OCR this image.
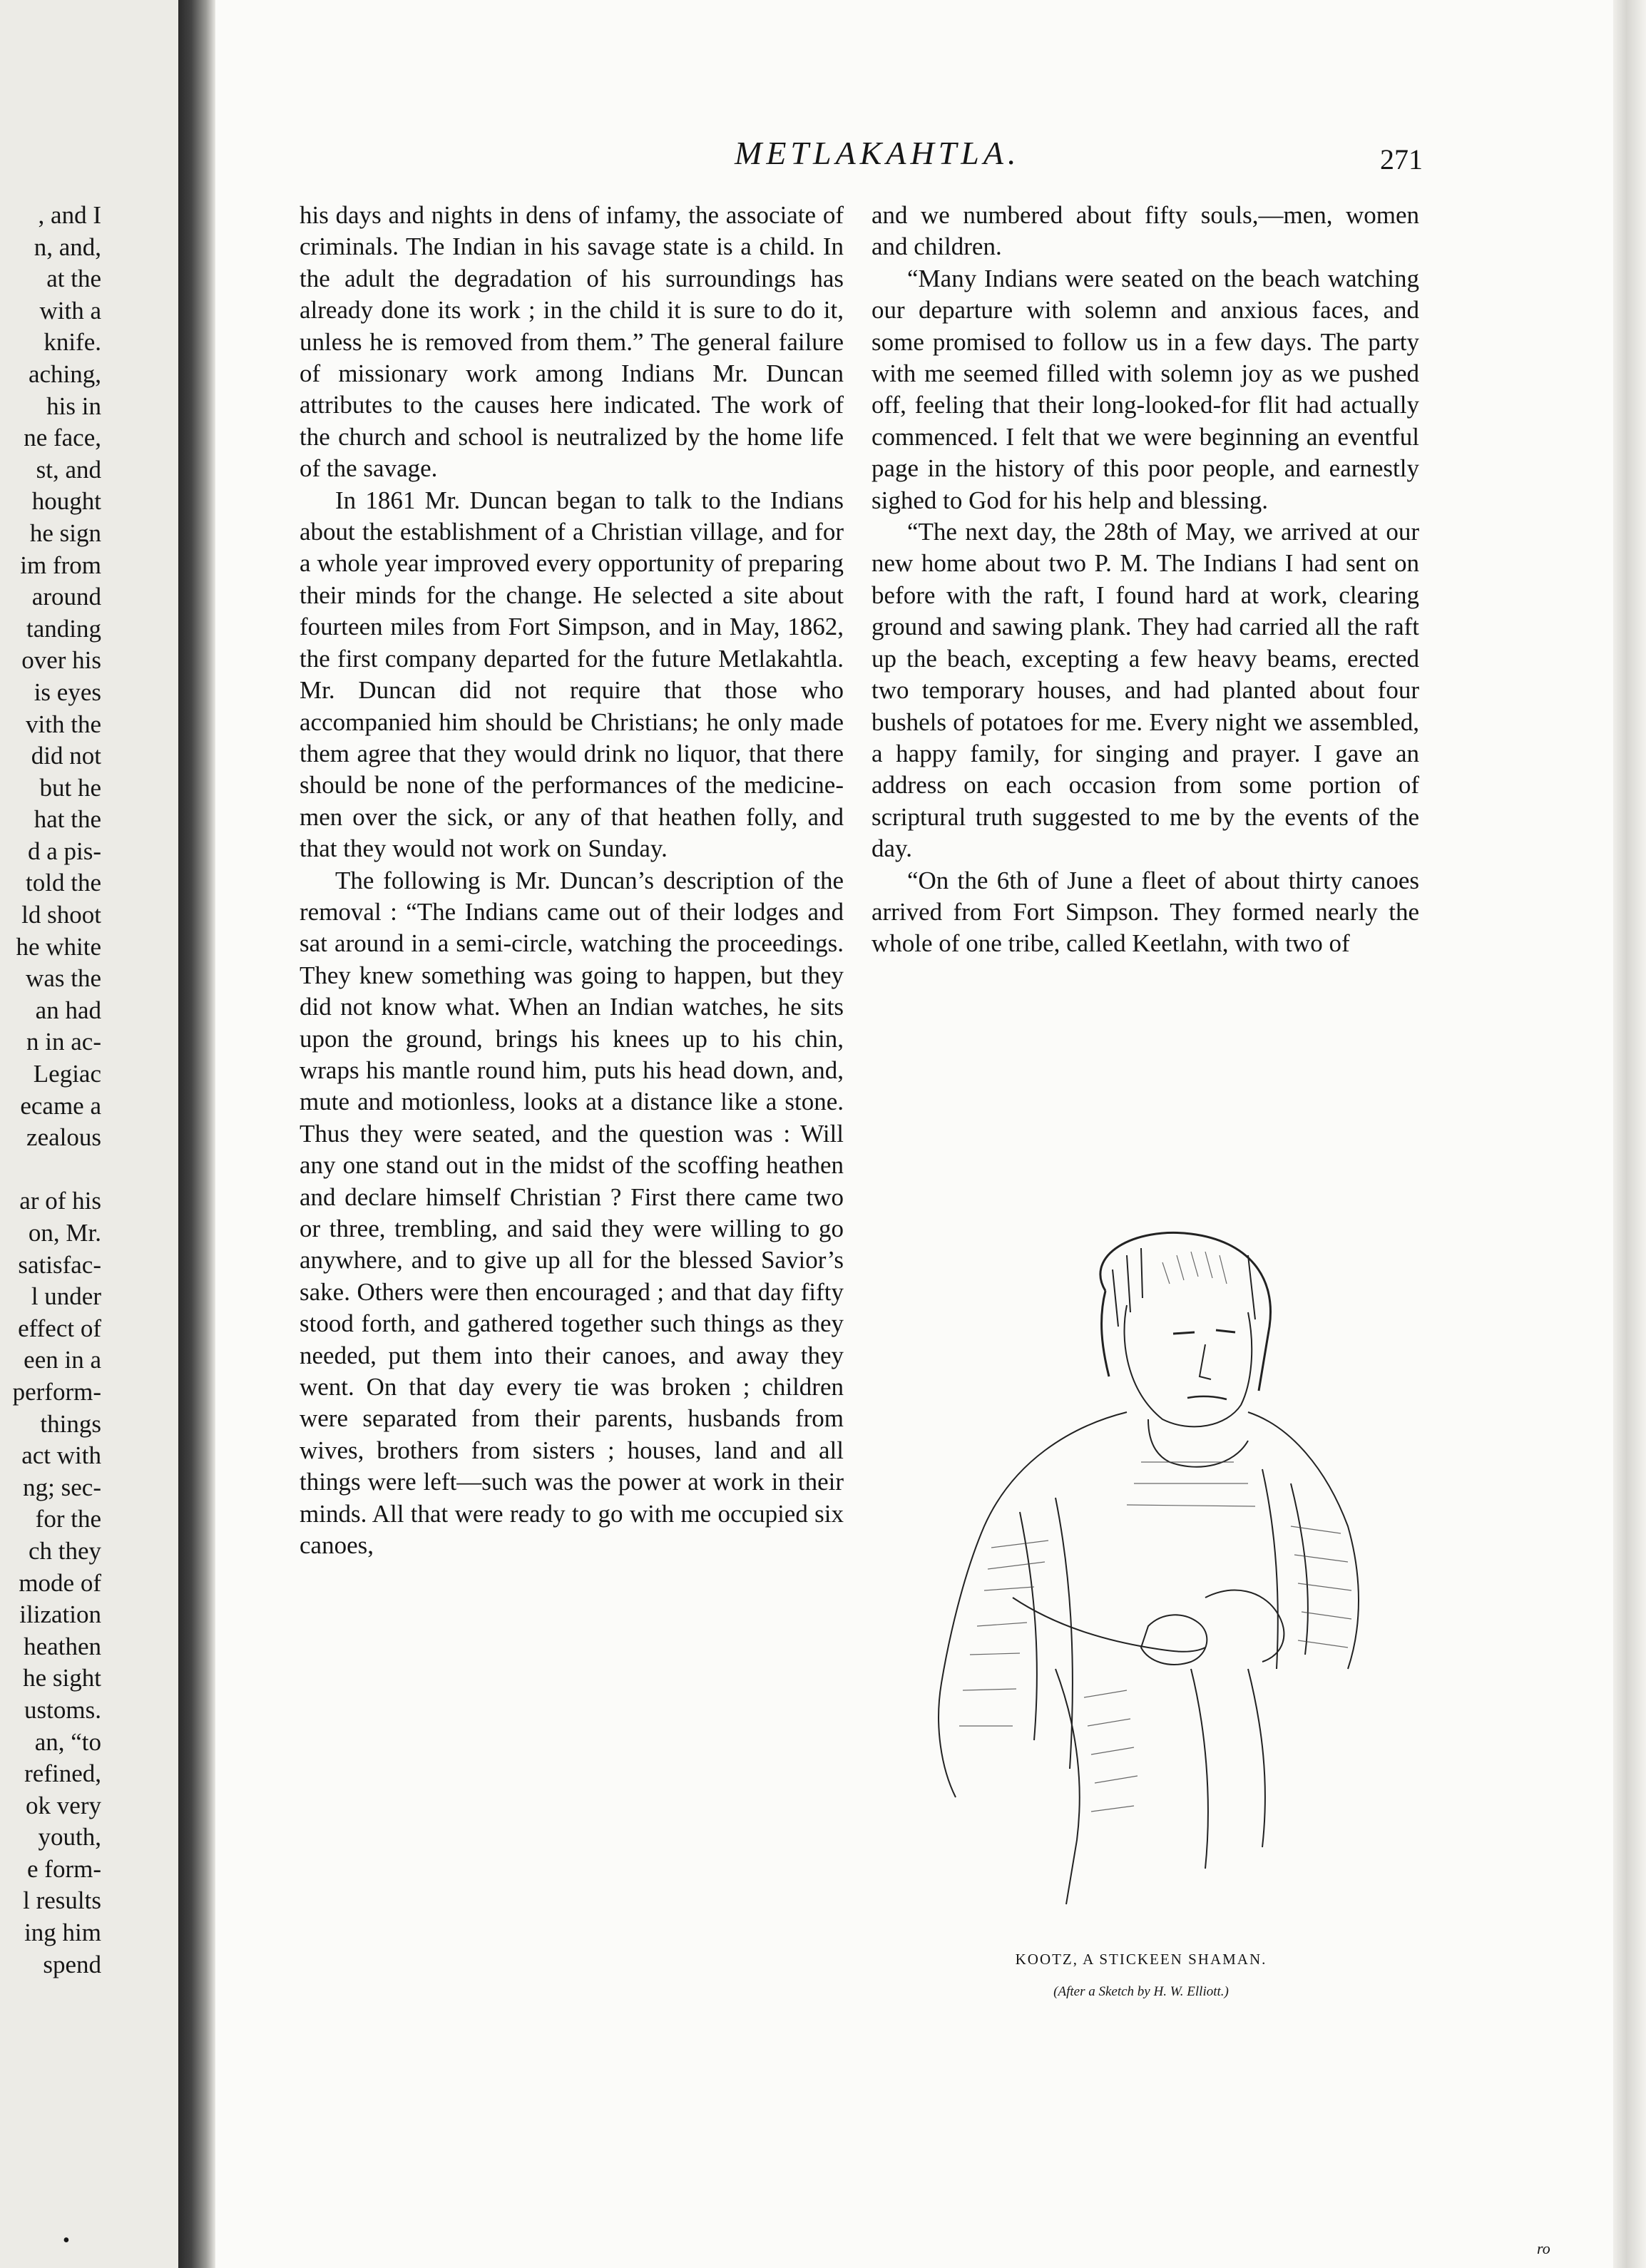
, and I
n, and,
at the
with a
knife.
aching,
his in
ne face,
st, and
hought
he sign
im from
around
tanding
over his
is eyes
vith the
did not
but he
hat the
d a pis-
told the
ld shoot
he white
was the
an had
n in ac-
Legiac
ecame a
zealous

ar of his
on, Mr.
satisfac-
l under
effect of
een in a
perform-
things
act with
ng; sec-
for the
ch they
mode of
ilization
heathen
he sight
ustoms.
an, “to
refined,
ok very
youth,
e form-
l results
ing him
spend
METLAKAHTLA.	271

his days and nights in dens of infamy, the associate of criminals. The Indian in his savage state is a child. In the adult the degradation of his surroundings has already done its work ; in the child it is sure to do it, unless he is removed from them.” The general failure of missionary work among Indians Mr. Duncan attributes to the causes here indicated. The work of the church and school is neutralized by the home life of the savage.

In 1861 Mr. Duncan began to talk to the Indians about the establishment of a Christian village, and for a whole year improved every opportunity of preparing their minds for the change. He selected a site about fourteen miles from Fort Simpson, and in May, 1862, the first company departed for the future Metlakahtla. Mr. Duncan did not require that those who accompanied him should be Christians; he only made them agree that they would drink no liquor, that there should be none of the performances of the medicine-men over the sick, or any of that heathen folly, and that they would not work on Sunday.

The following is Mr. Duncan’s description of the removal : “The Indians came out of their lodges and sat around in a semi-circle, watching the proceedings. They knew something was going to happen, but they did not know what. When an Indian watches, he sits upon the ground, brings his knees up to his chin, wraps his mantle round him, puts his head down, and, mute and motionless, looks at a distance like a stone. Thus they were seated, and the question was : Will any one stand out in the midst of the scoffing heathen and declare himself Christian ? First there came two or three, trembling, and said they were willing to go anywhere, and to give up all for the blessed Savior’s sake. Others were then encouraged ; and that day fifty stood forth, and gathered together such things as they needed, put them into their canoes, and away they went. On that day every tie was broken ; children were separated from their parents, husbands from wives, brothers from sisters ; houses, land and all things were left—such was the power at work in their minds. All that were ready to go with me occupied six canoes,

and we numbered about fifty souls,—men, women and children.

“Many Indians were seated on the beach watching our departure with solemn and anxious faces, and some promised to follow us in a few days. The party with me seemed filled with solemn joy as we pushed off, feeling that their long-looked-for flit had actually commenced. I felt that we were beginning an eventful page in the history of this poor people, and earnestly sighed to God for his help and blessing.

“The next day, the 28th of May, we arrived at our new home about two P. M. The Indians I had sent on before with the raft, I found hard at work, clearing ground and sawing plank. They had carried all the raft up the beach, excepting a few heavy beams, erected two temporary houses, and had planted about four bushels of potatoes for me. Every night we assembled, a happy family, for singing and prayer. I gave an address on each occasion from some portion of scriptural truth suggested to me by the events of the day.

“On the 6th of June a fleet of about thirty canoes arrived from Fort Simpson. They formed nearly the whole of one tribe, called Keetlahn, with two of

KOOTZ, A STICKEEN SHAMAN.
(After a Sketch by H. W. Elliott.)
•	ro
